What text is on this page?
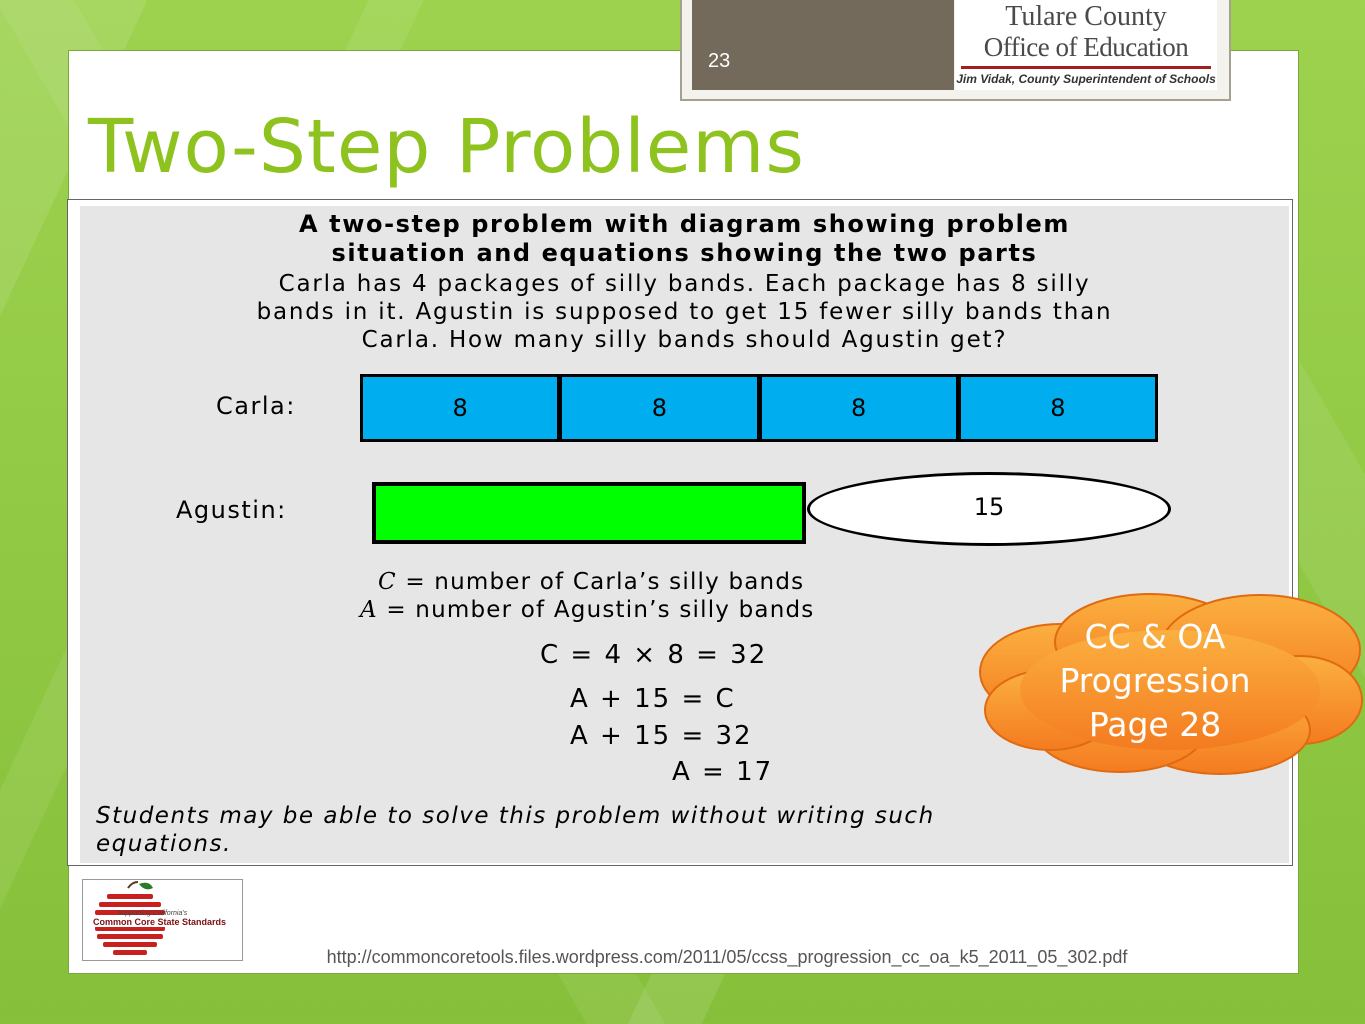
23
Tulare County
Office of Education
Jim Vidak, County Superintendent of Schools
Two-Step Problems
A two-step problem with diagram showing problem
situation and equations showing the two parts
Carla has 4 packages of silly bands. Each package has 8 silly
bands in it. Agustin is supposed to get 15 fewer silly bands than
Carla. How many silly bands should Agustin get?
Carla:	8	8	8	8
Agustin:	15
C = number of Carla’s silly bands
A = number of Agustin’s silly bands
C = 4 × 8 = 32
A + 15 = C
A + 15 = 32
A = 17
Students may be able to solve this problem without writing such
equations.
CC & OA
Progression
Page 28
Supporting California's
Common Core State Standards
http://commoncoretools.files.wordpress.com/2011/05/ccss_progression_cc_oa_k5_2011_05_302.pdf
